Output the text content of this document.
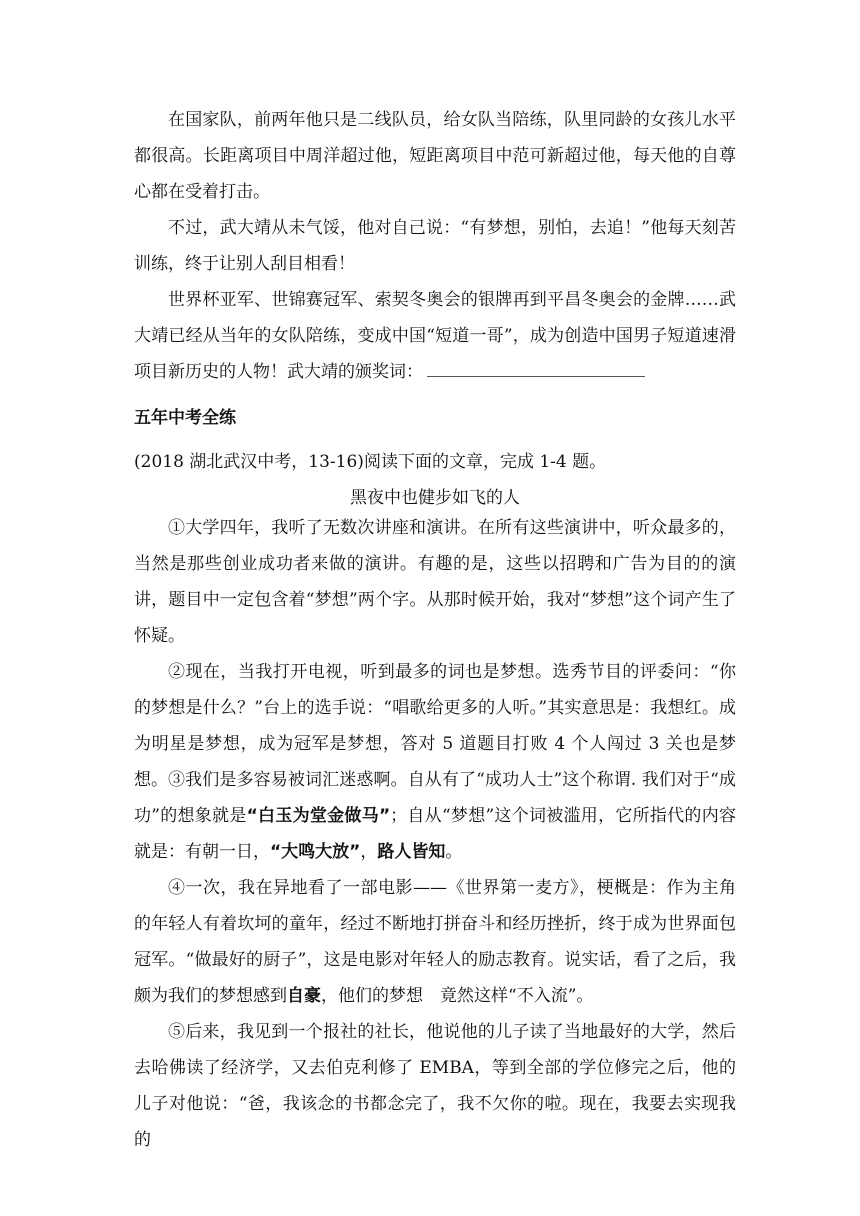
在国家队，前两年他只是二线队员，给女队当陪练，队里同龄的女孩儿水平都很高。长距离项目中周洋超过他，短距离项目中范可新超过他，每天他的自尊心都在受着打击。

不过，武大靖从未气馁，他对自己说：“有梦想，别怕，去追！”他每天刻苦训练，终于让别人刮目相看！

世界杯亚军、世锦赛冠军、索契冬奥会的银牌再到平昌冬奥会的金牌……武大靖已经从当年的女队陪练，变成中国“短道一哥”，成为创造中国男子短道速滑项目新历史的人物！武大靖的颁奖词：

五年中考全练

(2018 湖北武汉中考，13-16)阅读下面的文章，完成 1-4 题。

黑夜中也健步如飞的人

①大学四年，我听了无数次讲座和演讲。在所有这些演讲中，听众最多的，当然是那些创业成功者来做的演讲。有趣的是，这些以招聘和广告为目的的演讲，题目中一定包含着“梦想”两个字。从那时候开始，我对“梦想”这个词产生了怀疑。

②现在，当我打开电视，听到最多的词也是梦想。选秀节目的评委问：“你的梦想是什么？”台上的选手说：“唱歌给更多的人听。”其实意思是：我想红。成为明星是梦想，成为冠军是梦想，答对 5 道题目打败 4 个人闯过 3 关也是梦想。 ③我们是多容易被词汇迷惑啊。自从有了“成功人士”这个称谓. 我们对于“成功”的想象就是“白玉为堂金做马”；自从“梦想”这个词被滥用，它所指代的内容就是：有朝一日，“大鸣大放”，路人皆知。

④一次，我在异地看了一部电影——《世界第一麦方》，梗概是：作为主角的年轻人有着坎坷的童年，经过不断地打拼奋斗和经历挫折，终于成为世界面包冠军。“做最好的厨子”，这是电影对年轻人的励志教育。说实话，看了之后，我颇为我们的梦想感到自豪，他们的梦想　竟然这样“不入流”。

⑤后来，我见到一个报社的社长，他说他的儿子读了当地最好的大学，然后去哈佛读了经济学，又去伯克利修了 EMBA，等到全部的学位修完之后，他的儿子对他说：“爸，我该念的书都念完了，我不欠你的啦。现在，我要去实现我的
